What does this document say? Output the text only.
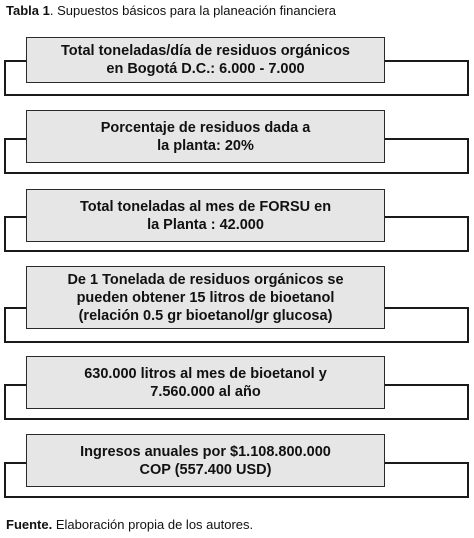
Tabla 1. Supuestos básicos para la planeación financiera
Total toneladas/día de residuos orgánicos
en Bogotá D.C.: 6.000 - 7.000
Porcentaje de residuos dada a
la planta: 20%
Total toneladas al mes de FORSU en
la Planta : 42.000
De 1 Tonelada de residuos orgánicos se
pueden obtener 15 litros de bioetanol
(relación 0.5 gr bioetanol/gr glucosa)
630.000 litros al mes de bioetanol y
7.560.000 al año
Ingresos anuales por $1.108.800.000
COP (557.400 USD)
Fuente. Elaboración propia de los autores.
